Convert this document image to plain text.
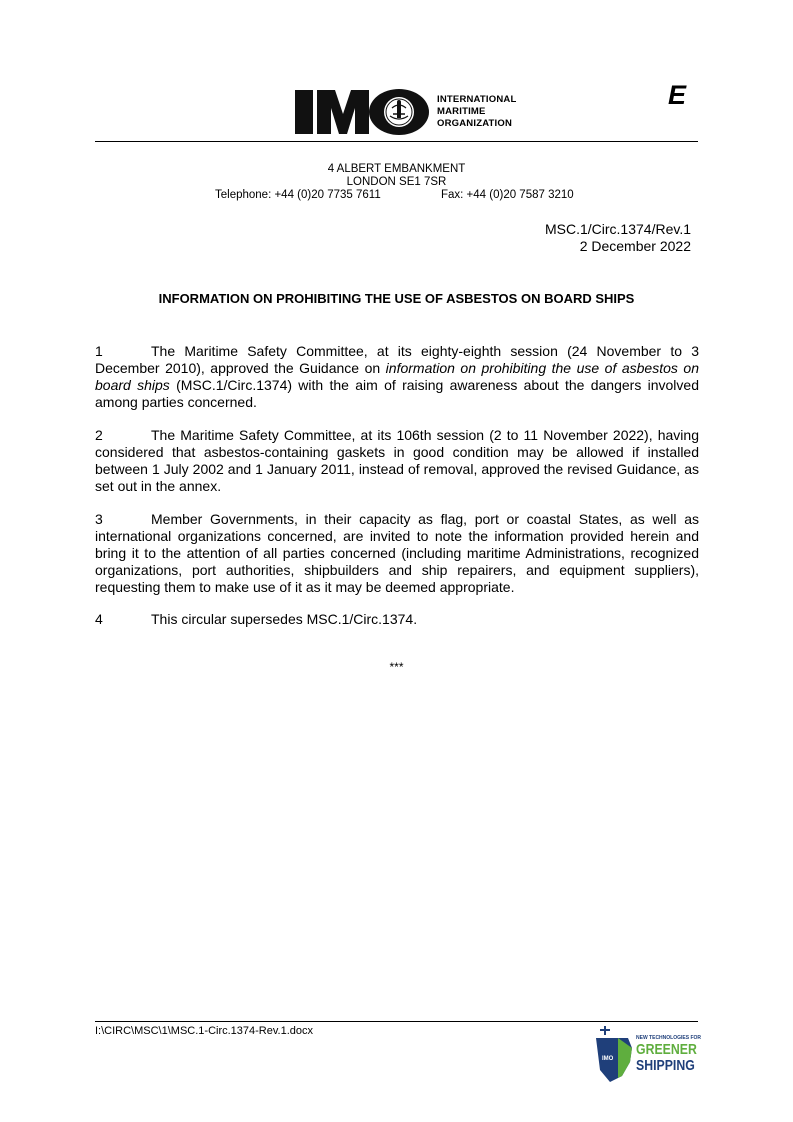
INTERNATIONAL
MARITIME
ORGANIZATION
E
4 ALBERT EMBANKMENT
LONDON SE1 7SR
Telephone: +44 (0)20 7735 7611	Fax: +44 (0)20 7587 3210
MSC.1/Circ.1374/Rev.1
2 December 2022
INFORMATION ON PROHIBITING THE USE OF ASBESTOS ON BOARD SHIPS
1	The Maritime Safety Committee, at its eighty-eighth session (24 November to 3 December 2010), approved the Guidance on information on prohibiting the use of asbestos on board ships (MSC.1/Circ.1374) with the aim of raising awareness about the dangers involved among parties concerned.
2	The Maritime Safety Committee, at its 106th session (2 to 11 November 2022), having considered that asbestos-containing gaskets in good condition may be allowed if installed between 1 July 2002 and 1 January 2011, instead of removal, approved the revised Guidance, as set out in the annex.
3	Member Governments, in their capacity as flag, port or coastal States, as well as international organizations concerned, are invited to note the information provided herein and bring it to the attention of all parties concerned (including maritime Administrations, recognized organizations, port authorities, shipbuilders and ship repairers, and equipment suppliers), requesting them to make use of it as it may be deemed appropriate.
4	This circular supersedes MSC.1/Circ.1374.
***
I:\CIRC\MSC\1\MSC.1-Circ.1374-Rev.1.docx
IMO
NEW TECHNOLOGIES FOR
GREENER
SHIPPING
